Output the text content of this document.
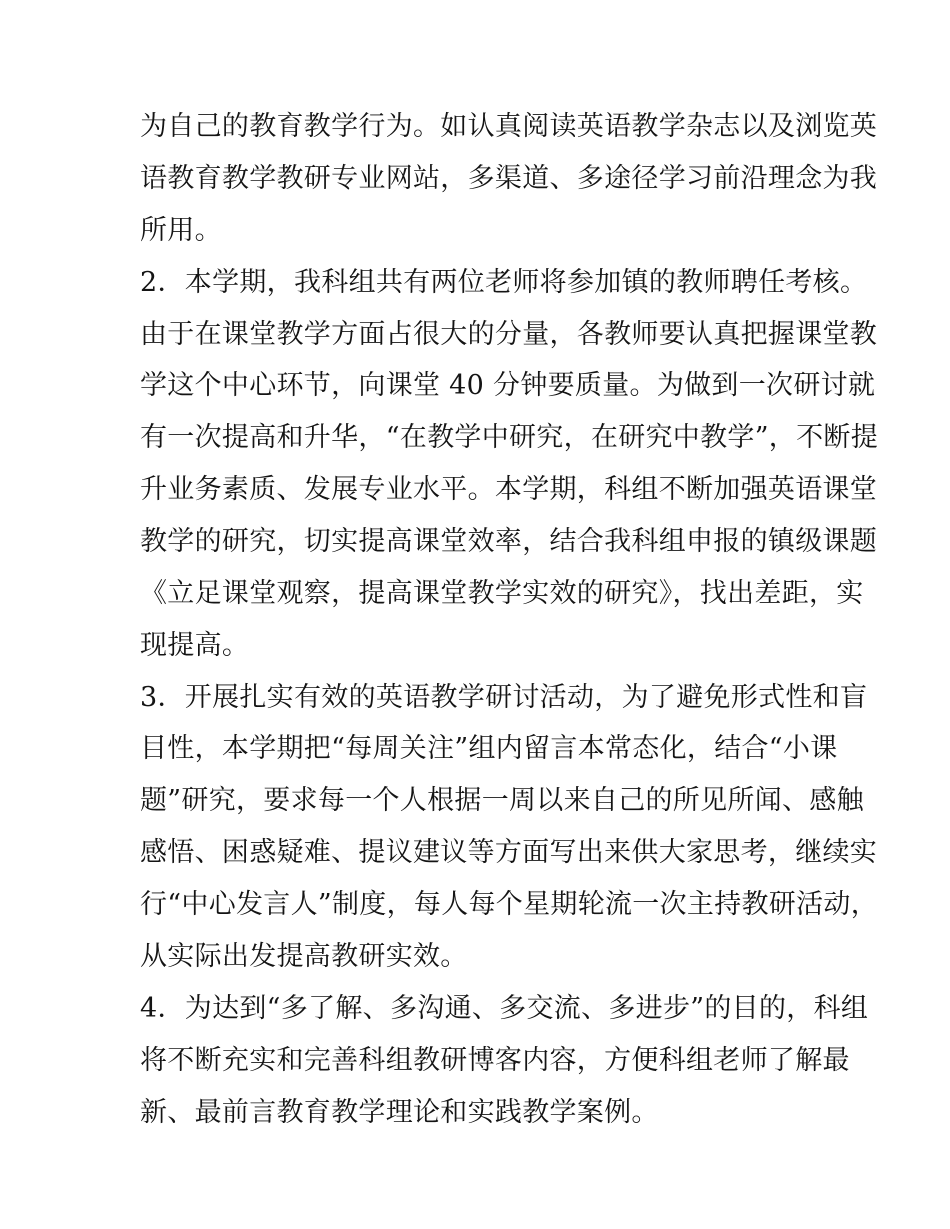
为自己的教育教学行为。如认真阅读英语教学杂志以及浏览英
语教育教学教研专业网站，多渠道、多途径学习前沿理念为我
所用。
2．本学期，我科组共有两位老师将参加镇的教师聘任考核。
由于在课堂教学方面占很大的分量，各教师要认真把握课堂教
学这个中心环节，向课堂 40 分钟要质量。为做到一次研讨就
有一次提高和升华，“在教学中研究，在研究中教学”，不断提
升业务素质、发展专业水平。本学期，科组不断加强英语课堂
教学的研究，切实提高课堂效率，结合我科组申报的镇级课题
《立足课堂观察，提高课堂教学实效的研究》，找出差距，实
现提高。
3．开展扎实有效的英语教学研讨活动，为了避免形式性和盲
目性，本学期把“每周关注”组内留言本常态化，结合“小课
题”研究，要求每一个人根据一周以来自己的所见所闻、感触
感悟、困惑疑难、提议建议等方面写出来供大家思考，继续实
行“中心发言人”制度，每人每个星期轮流一次主持教研活动，
从实际出发提高教研实效。
4．为达到“多了解、多沟通、多交流、多进步”的目的，科组
将不断充实和完善科组教研博客内容，方便科组老师了解最
新、最前言教育教学理论和实践教学案例。
